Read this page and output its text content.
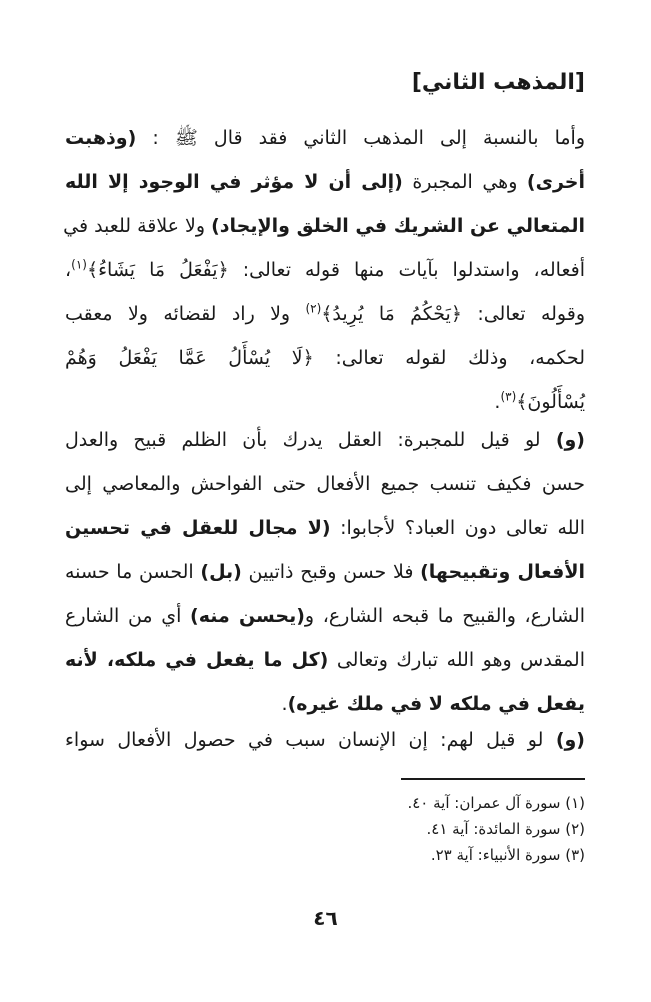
[المذهب الثاني]
وأما بالنسبة إلى المذهب الثاني فقد قال ﷺ : (وذهبت
أخرى) وهي المجبرة (إلى أن لا مؤثر في الوجود إلا الله
المتعالي عن الشريك في الخلق والإيجاد) ولا علاقة للعبد في
أفعاله، واستدلوا بآيات منها قوله تعالى: ﴿يَفْعَلُ مَا يَشَاءُ﴾$^{(١)}$،
وقوله تعالى: ﴿يَحْكُمُ مَا يُرِيدُ﴾$^{(٢)}$ ولا راد لقضائه ولا معقب
لحكمه، وذلك لقوله تعالى: ﴿لَا يُسْأَلُ عَمَّا يَفْعَلُ وَهُمْ
يُسْأَلُونَ﴾$^{(٣)}$.
(و) لو قيل للمجبرة: العقل يدرك بأن الظلم قبيح والعدل
حسن فكيف تنسب جميع الأفعال حتى الفواحش والمعاصي إلى
الله تعالى دون العباد؟ لأجابوا: (لا مجال للعقل في تحسين
الأفعال وتقبيحها) فلا حسن وقبح ذاتيين (بل) الحسن ما حسنه
الشارع، والقبيح ما قبحه الشارع، و(يحسن منه) أي من الشارع
المقدس وهو الله تبارك وتعالى (كل ما يفعل في ملكه، لأنه
يفعل في ملكه لا في ملك غيره).
(و) لو قيل لهم: إن الإنسان سبب في حصول الأفعال سواء
(١) سورة آل عمران: آية ٤٠.
(٢) سورة المائدة: آية ٤١.
(٣) سورة الأنبياء: آية ٢٣.
٤٦
